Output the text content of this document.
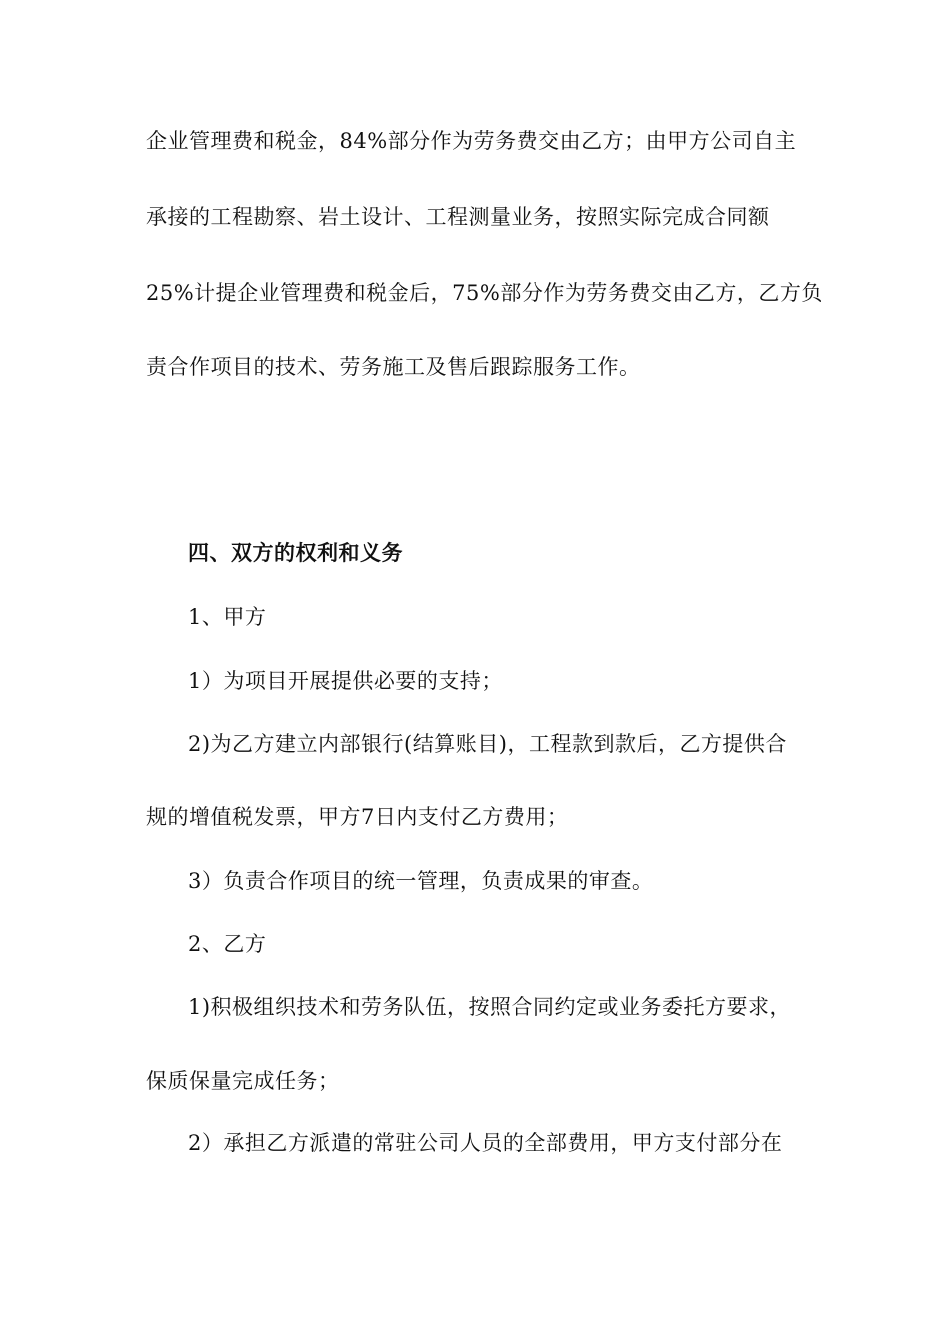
企业管理费和税金，84%部分作为劳务费交由乙方；由甲方公司自主
承接的工程勘察、岩土设计、工程测量业务，按照实际完成合同额
25%计提企业管理费和税金后，75%部分作为劳务费交由乙方，乙方负
责合作项目的技术、劳务施工及售后跟踪服务工作。
四、双方的权利和义务
1、甲方
1）为项目开展提供必要的支持；
2)为乙方建立内部银行(结算账目)，工程款到款后，乙方提供合
规的增值税发票，甲方7日内支付乙方费用；
3）负责合作项目的统一管理，负责成果的审查。
2、乙方
1)积极组织技术和劳务队伍，按照合同约定或业务委托方要求，
保质保量完成任务；
2）承担乙方派遣的常驻公司人员的全部费用，甲方支付部分在
